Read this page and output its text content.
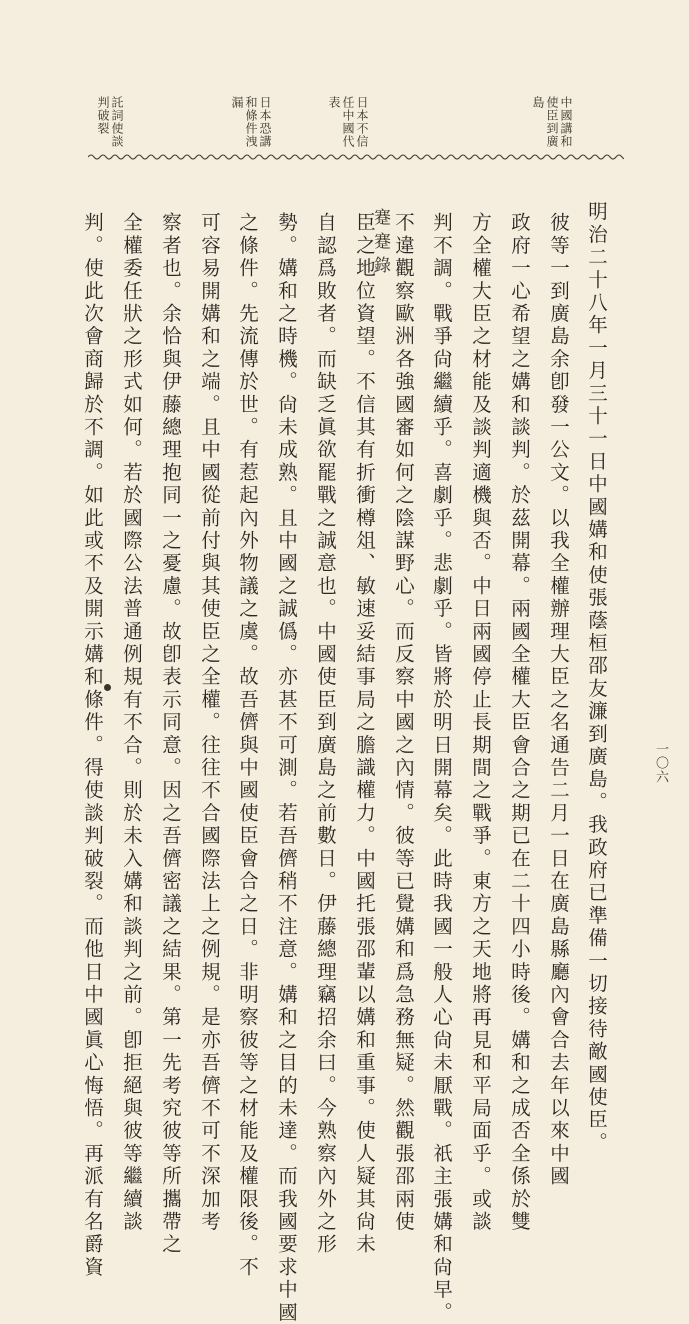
蹇蹇錄
一〇六
中國講和
使臣到廣
島
日本不信
任中國代
表
日本恐講
和條件洩
漏
託詞使談
判破裂
明治二十八年一月三十一日中國媾和使張蔭桓邵友濂到廣島。我政府已準備一切接待敵國使臣。
彼等一到廣島余卽發一公文。以我全權辦理大臣之名通告二月一日在廣島縣廳內會合去年以來中國
政府一心希望之媾和談判。於茲開幕。兩國全權大臣會合之期已在二十四小時後。媾和之成否全係於雙
方全權大臣之材能及談判適機與否。中日兩國停止長期間之戰爭。東方之天地將再見和平局面乎。或談
判不調。戰爭尙繼續乎。喜劇乎。悲劇乎。皆將於明日開幕矣。此時我國一般人心尙未厭戰。祇主張媾和尙早。
不違觀察歐洲各強國審如何之陰謀野心。而反察中國之內情。彼等已覺媾和爲急務無疑。然觀張邵兩使
臣之地位資望。不信其有折衝樽俎、敏速妥結事局之膽識權力。中國托張邵輩以媾和重事。使人疑其尙未
自認爲敗者。而缺乏眞欲罷戰之誠意也。中國使臣到廣島之前數日。伊藤總理竊招余曰。今熟察內外之形
勢。媾和之時機。尙未成熟。且中國之誠僞。亦甚不可測。若吾儕稍不注意。媾和之目的未達。而我國要求中國
之條件。先流傳於世。有惹起內外物議之虞。故吾儕與中國使臣會合之日。非明察彼等之材能及權限後。不
可容易開媾和之端。且中國從前付與其使臣之全權。往往不合國際法上之例規。是亦吾儕不可不深加考
察者也。余恰與伊藤總理抱同一之憂慮。故卽表示同意。因之吾儕密議之結果。第一先考究彼等所攜帶之
全權委任狀之形式如何。若於國際公法普通例規有不合。則於未入媾和談判之前。卽拒絕與彼等繼續談
判。使此次會商歸於不調。如此或不及開示媾和條件。得使談判破裂。而他日中國眞心悔悟。再派有名爵資
